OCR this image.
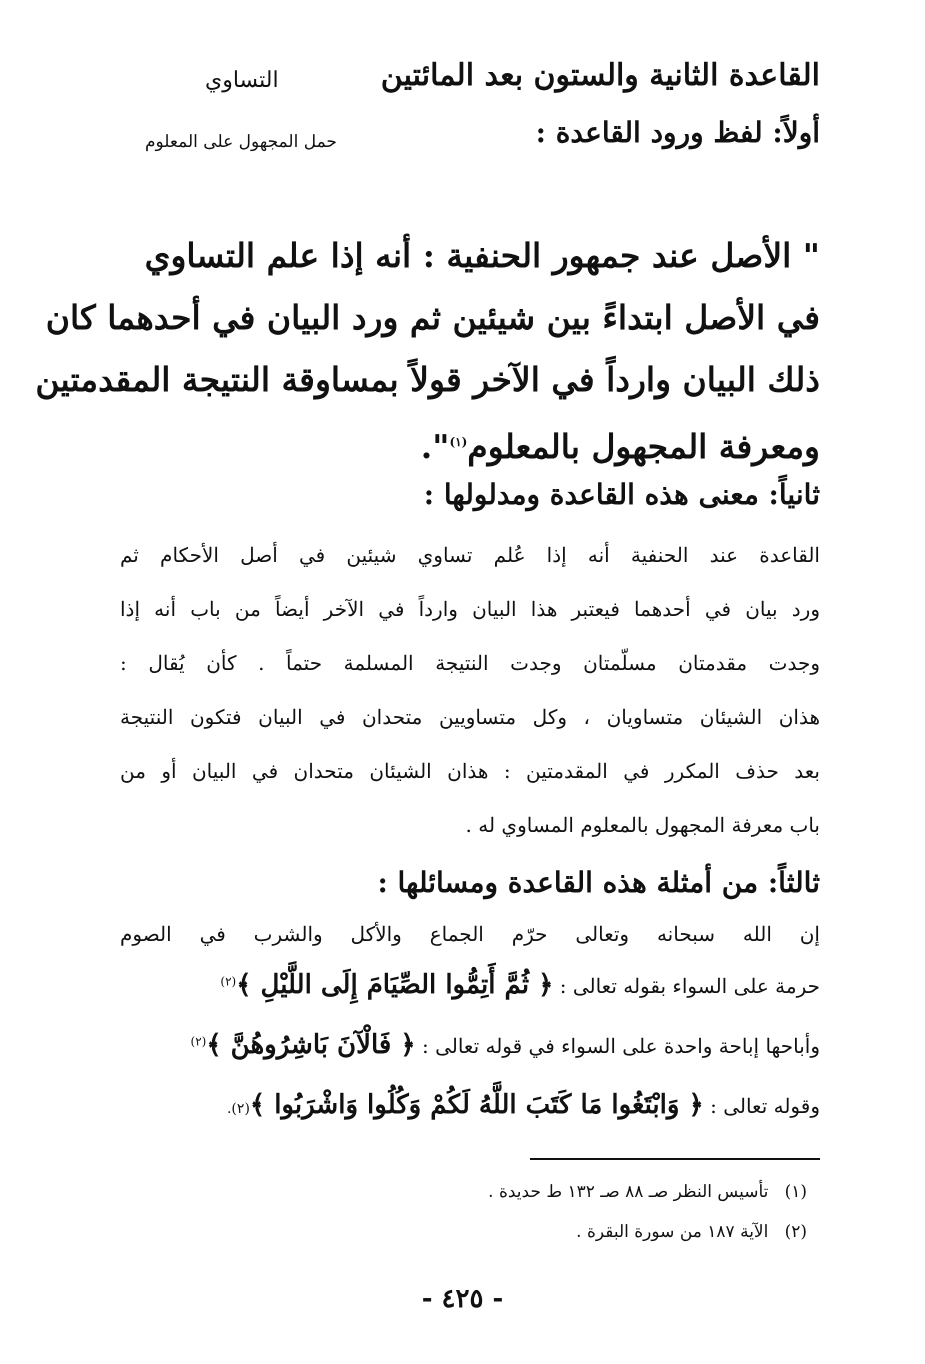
القاعدة الثانية والستون بعد المائتين
التساوي
أولاً: لفظ ورود القاعدة :
حمل المجهول على المعلوم
" الأصل عند جمهور الحنفية : أنه إذا علم التساوي
في الأصل ابتداءً بين شيئين ثم ورد البيان في أحدهما كان
ذلك البيان وارداً في الآخر قولاً بمساوقة النتيجة المقدمتين
ومعرفة المجهول بالمعلوم$^{(١)}$".
ثانياً: معنى هذه القاعدة ومدلولها :
القاعدة عند الحنفية أنه إذا عُلم تساوي شيئين في أصل الأحكام ثم
ورد بيان في أحدهما فيعتبر هذا البيان وارداً في الآخر أيضاً من باب أنه إذا
وجدت مقدمتان مسلّمتان وجدت النتيجة المسلمة حتماً . كأن يُقال :
هذان الشيئان متساويان ، وكل متساويين متحدان في البيان فتكون النتيجة
بعد حذف المكرر في المقدمتين : هذان الشيئان متحدان في البيان أو من
باب معرفة المجهول بالمعلوم المساوي له .
ثالثاً: من أمثلة هذه القاعدة ومسائلها :
إن الله سبحانه وتعالى حرّم الجماع والأكل والشرب في الصوم
حرمة على السواء بقوله تعالى : ﴿ ثُمَّ أَتِمُّوا الصِّيَامَ إِلَى اللَّيْلِ ﴾$^{(٢)}$
وأباحها إباحة واحدة على السواء في قوله تعالى : ﴿ فَالْآنَ بَاشِرُوهُنَّ ﴾$^{(٢)}$
وقوله تعالى : ﴿ وَابْتَغُوا مَا كَتَبَ اللَّهُ لَكُمْ وَكُلُوا وَاشْرَبُوا ﴾(٢).
(١)   تأسيس النظر صـ ٨٨ صـ ١٣٢ ط حديدة .
(٢)   الآية ١٨٧ من سورة البقرة .
- ٤٢٥ -
